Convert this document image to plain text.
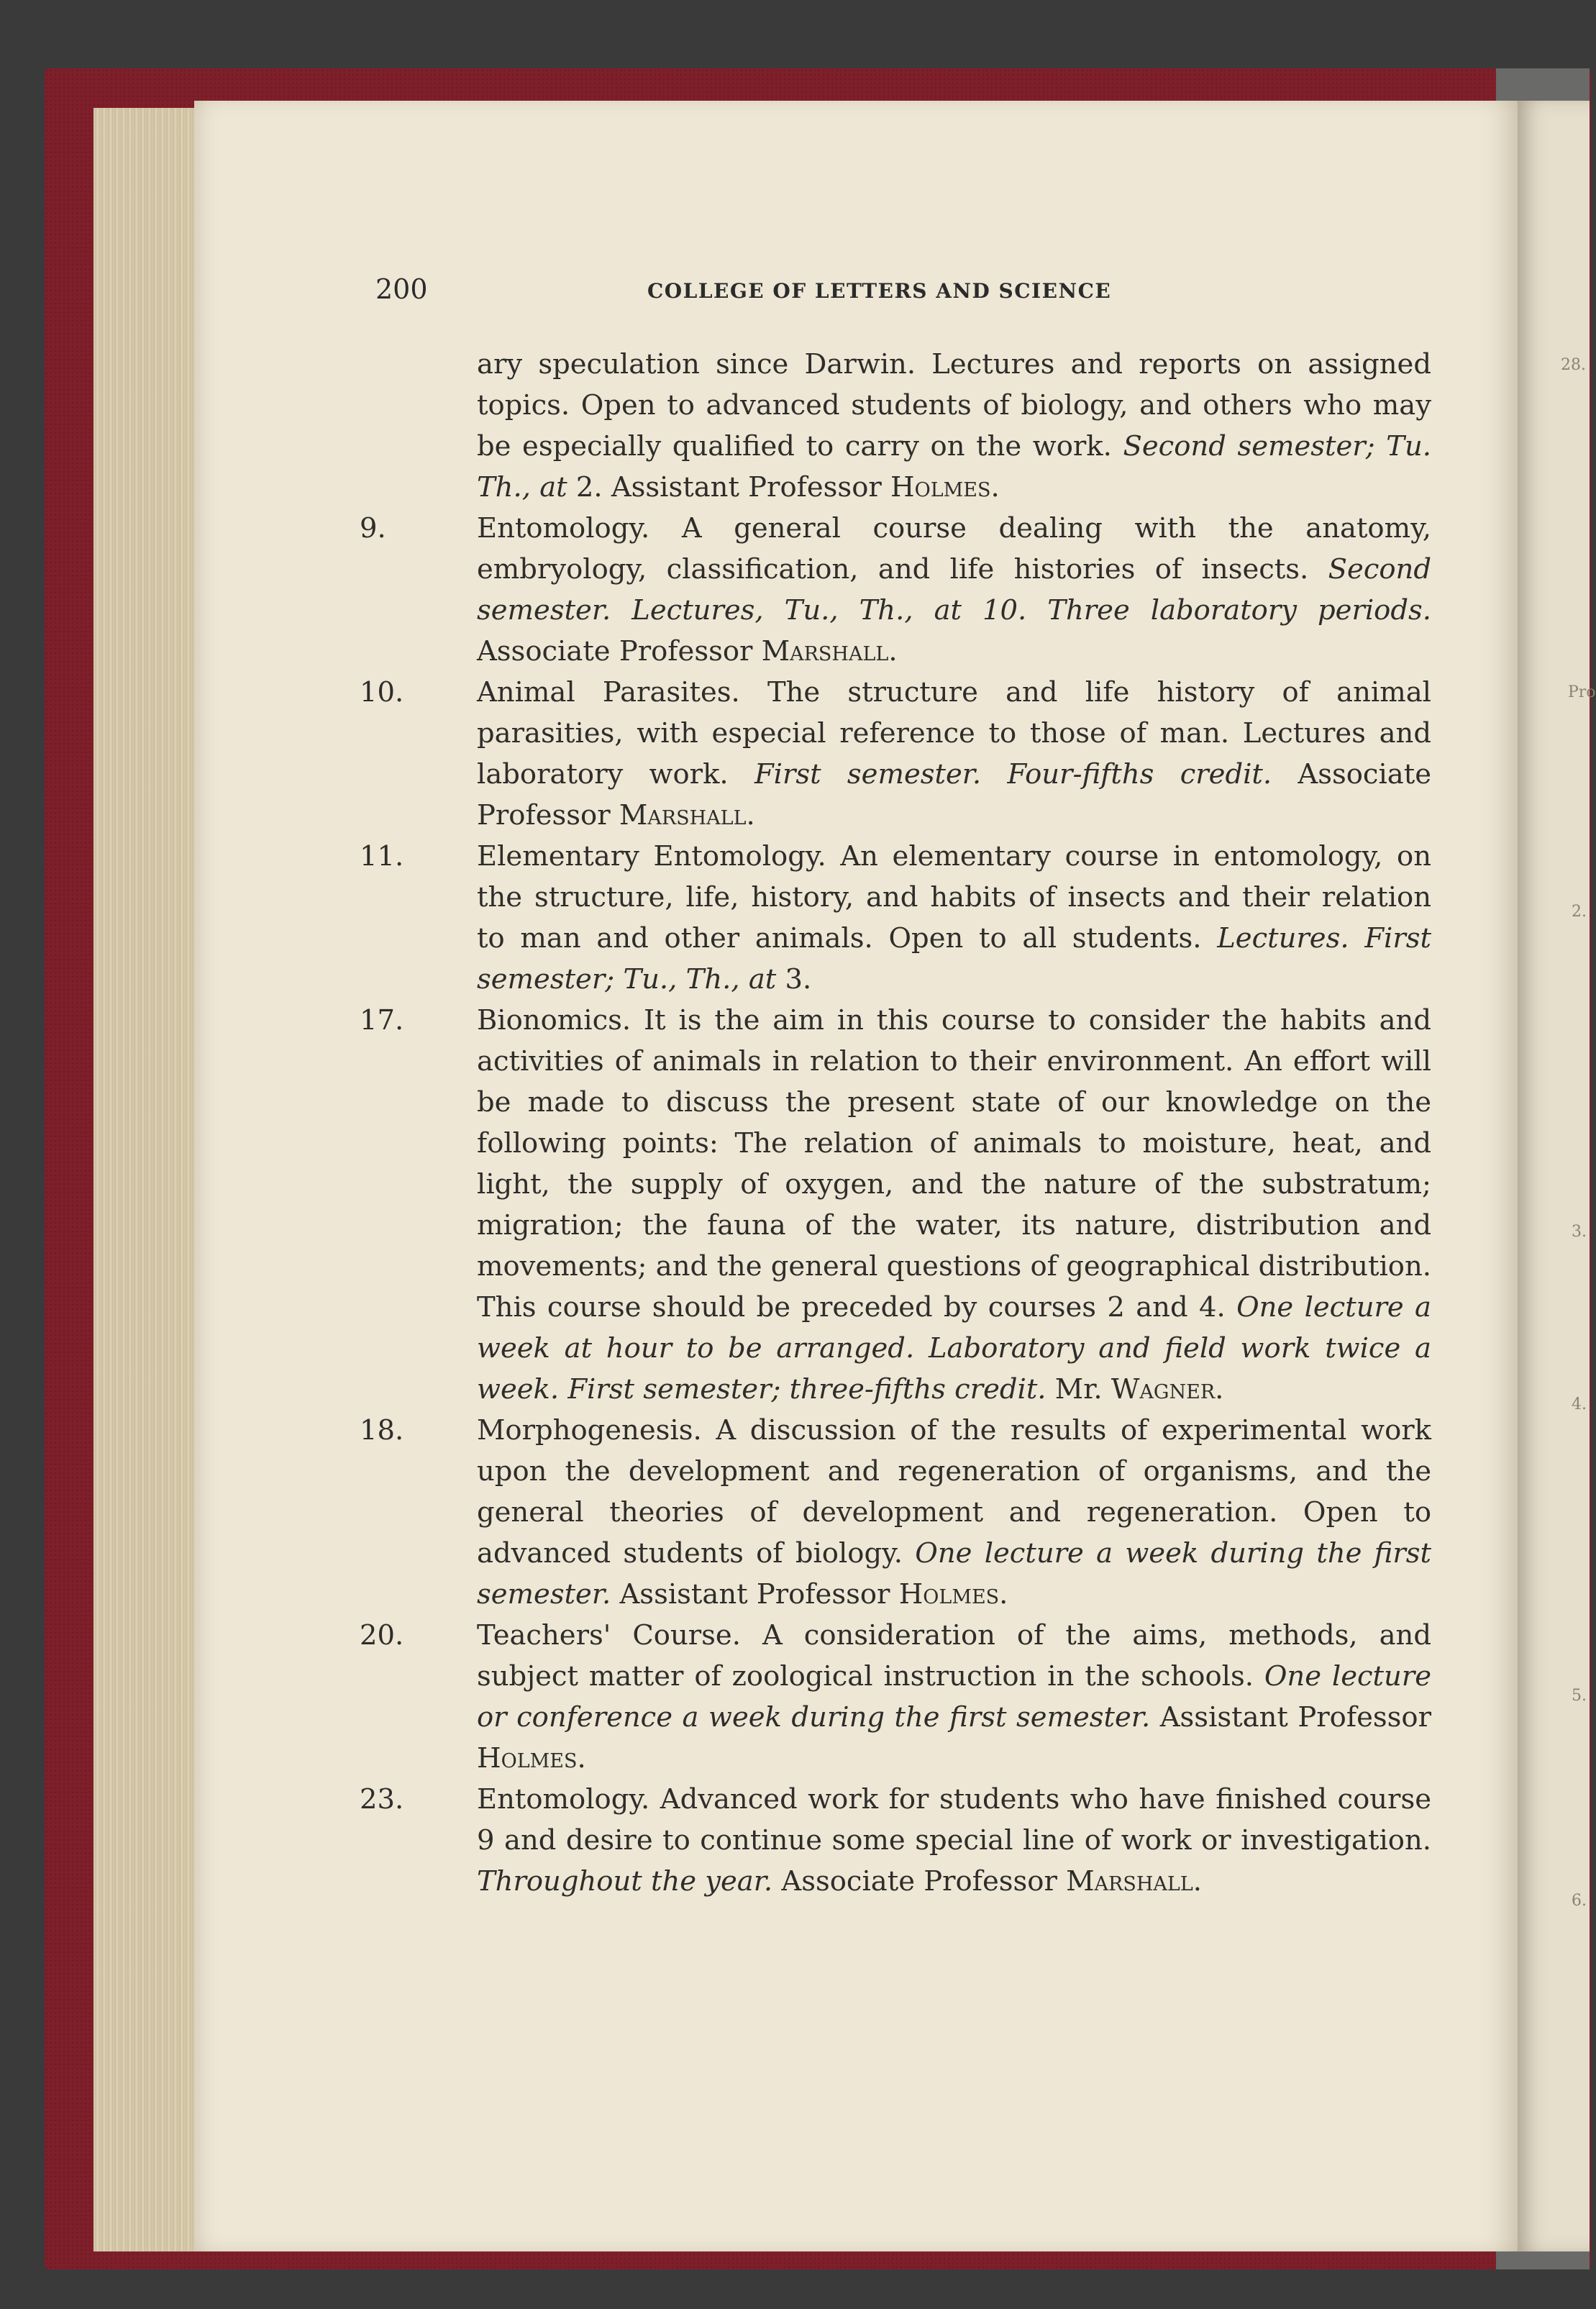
28.
Pro
2.
3.
4.
5.
6.
200	COLLEGE OF LETTERS AND SCIENCE
ary speculation since Darwin. Lectures and reports on assigned topics. Open to advanced students of biology, and others who may be especially qualified to carry on the work. Second semester; Tu. Th., at 2. Assistant Professor Holmes.
9.	Entomology. A general course dealing with the anatomy, embryology, classification, and life histories of insects. Second semester. Lectures, Tu., Th., at 10. Three laboratory periods. Associate Professor Marshall.
10.	Animal Parasites. The structure and life history of animal parasities, with especial reference to those of man. Lectures and laboratory work. First semester. Four-fifths credit. Associate Professor Marshall.
11.	Elementary Entomology. An elementary course in entomology, on the structure, life, history, and habits of insects and their relation to man and other animals. Open to all students. Lectures. First semester; Tu., Th., at 3.
17.	Bionomics. It is the aim in this course to consider the habits and activities of animals in relation to their environment. An effort will be made to discuss the present state of our knowledge on the following points: The relation of animals to moisture, heat, and light, the supply of oxygen, and the nature of the substratum; migration; the fauna of the water, its nature, distribution and movements; and the general questions of geographical distribution. This course should be preceded by courses 2 and 4. One lecture a week at hour to be arranged. Laboratory and field work twice a week. First semester; three-fifths credit. Mr. Wagner.
18.	Morphogenesis. A discussion of the results of experimental work upon the development and regeneration of organisms, and the general theories of development and regeneration. Open to advanced students of biology. One lecture a week during the first semester. Assistant Professor Holmes.
20.	Teachers' Course. A consideration of the aims, methods, and subject matter of zoological instruction in the schools. One lecture or conference a week during the first semester. Assistant Professor Holmes.
23.	Entomology. Advanced work for students who have finished course 9 and desire to continue some special line of work or investigation. Throughout the year. Associate Professor Marshall.
